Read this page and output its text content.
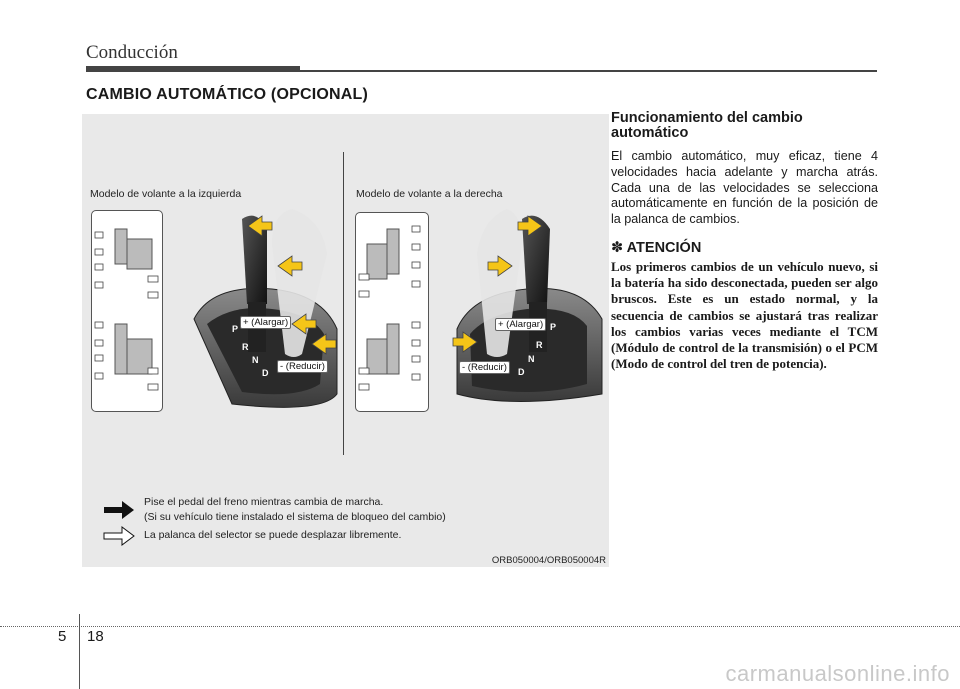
Conducción
CAMBIO AUTOMÁTICO (OPCIONAL)
Modelo de volante a la izquierda	Modelo de volante a la derecha
P
R
N
D
P
R
N
D
+ (Alargar)
- (Reducir)
+ (Alargar)
- (Reducir)
Pise el pedal del freno mientras cambia de marcha.
(Si su vehículo tiene instalado el sistema de bloqueo del cambio)
La palanca del selector se puede desplazar libremente.
ORB050004/ORB050004R
Funcionamiento del cambio automático
El cambio automático, muy eficaz, tiene 4 velocidades hacia adelante y marcha atrás. Cada una de las velocidades se selecciona automáticamente en función de la posición de la palanca de cambios.
✽ ATENCIÓN
Los primeros cambios de un vehículo nuevo, si la batería ha sido desconectada, pueden ser algo bruscos. Este es un estado normal, y la secuencia de cambios se ajustará tras realizar los cambios varias veces mediante el TCM (Módulo de control de la transmisión) o el PCM (Modo de control del tren de potencia).
5 18
carmanualsonline.info
